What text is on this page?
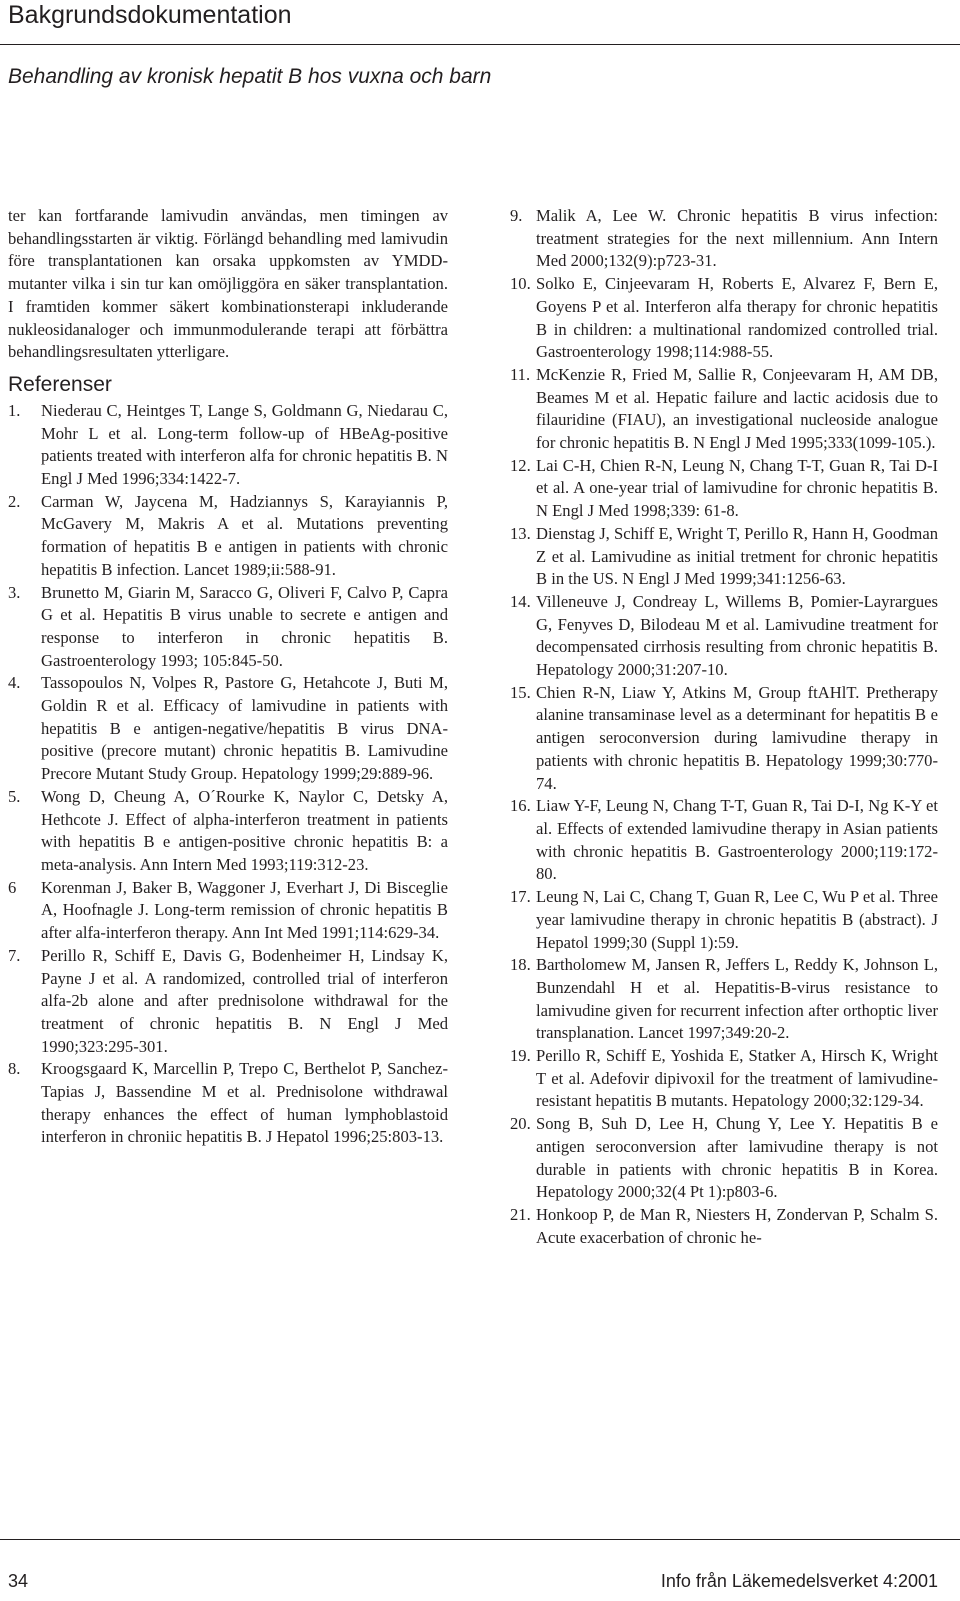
Bakgrundsdokumentation
Behandling av kronisk hepatit B hos vuxna och barn

ter kan fortfarande lamivudin användas, men timingen av behandlingsstarten är viktig. Förlängd behandling med lamivudin före transplantationen kan orsaka uppkomsten av YMDD-mutanter vilka i sin tur kan omöjliggöra en säker transplantation. I framtiden kommer säkert kombinationsterapi inkluderande nukleosidanaloger och immunmodulerande terapi att förbättra behandlingsresultaten ytterligare.

Referenser
1.	Niederau C, Heintges T, Lange S, Goldmann G, Niedarau C, Mohr L et al. Long-term follow-up of HBeAg-positive patients treated with interferon alfa for chronic hepatitis B. N Engl J Med 1996;334:1422-7.
2.	Carman W, Jaycena M, Hadziannys S, Karayiannis P, McGavery M, Makris A et al. Mutations preventing formation of hepatitis B e antigen in patients with chronic hepatitis B infection. Lancet 1989;ii:588-91.
3.	Brunetto M, Giarin M, Saracco G, Oliveri F, Calvo P, Capra G et al. Hepatitis B virus unable to secrete e antigen and response to interferon in chronic hepatitis B. Gastroenterology 1993; 105:845-50.
4.	Tassopoulos N, Volpes R, Pastore G, Hetahcote J, Buti M, Goldin R et al. Efficacy of lamivudine in patients with hepatitis B e antigen-negative/hepatitis B virus DNA-positive (precore mutant) chronic hepatitis B. Lamivudine Precore Mutant Study Group. Hepatology 1999;29:889-96.
5.	Wong D, Cheung A, O´Rourke K, Naylor C, Detsky A, Hethcote J. Effect of alpha-interferon treatment in patients with hepatitis B e antigen-positive chronic hepatitis B: a meta-analysis. Ann Intern Med 1993;119:312-23.
6	Korenman J, Baker B, Waggoner J, Everhart J, Di Bisceglie A, Hoofnagle J. Long-term remission of chronic hepatitis B after alfa-interferon therapy. Ann Int Med 1991;114:629-34.
7.	Perillo R, Schiff E, Davis G, Bodenheimer H, Lindsay K, Payne J et al. A randomized, controlled trial of interferon alfa-2b alone and after prednisolone withdrawal for the treatment of chronic hepatitis B. N Engl J Med 1990;323:295-301.
8.	Kroogsgaard K, Marcellin P, Trepo C, Berthelot P, Sanchez-Tapias J, Bassendine M et al. Prednisolone withdrawal therapy enhances the effect of human lymphoblastoid interferon in chroniic hepatitis B. J Hepatol 1996;25:803-13.
9. Malik A, Lee W. Chronic hepatitis B virus infection: treatment strategies for the next millennium. Ann Intern Med 2000;132(9):p723-31.
10. Solko E, Cinjeevaram H, Roberts E, Alvarez F, Bern E, Goyens P et al. Interferon alfa therapy for chronic hepatitis B in children: a multinational randomized controlled trial. Gastroenterology 1998;114:988-55.
11. McKenzie R, Fried M, Sallie R, Conjeevaram H, AM DB, Beames M et al. Hepatic failure and lactic acidosis due to filauridine (FIAU), an investigational nucleoside analogue for chronic hepatitis B. N Engl J Med 1995;333(1099-105.).
12. Lai C-H, Chien R-N, Leung N, Chang T-T, Guan R, Tai D-I et al. A one-year trial of lamivudine for chronic hepatitis B. N Engl J Med 1998;339: 61-8.
13. Dienstag J, Schiff E, Wright T, Perillo R, Hann H, Goodman Z et al. Lamivudine as initial tretment for chronic hepatitis B in the US. N Engl J Med 1999;341:1256-63.
14. Villeneuve J, Condreay L, Willems B, Pomier-Layrargues G, Fenyves D, Bilodeau M et al. Lamivudine treatment for decompensated cirrhosis resulting from chronic hepatitis B. Hepatology 2000;31:207-10.
15. Chien R-N, Liaw Y, Atkins M, Group ftAHlT. Pretherapy alanine transaminase level as a determinant for hepatitis B e antigen seroconversion during lamivudine therapy in patients with chronic hepatitis B. Hepatology 1999;30:770-74.
16. Liaw Y-F, Leung N, Chang T-T, Guan R, Tai D-I, Ng K-Y et al. Effects of extended lamivudine therapy in Asian patients with chronic hepatitis B. Gastroenterology 2000;119:172-80.
17. Leung N, Lai C, Chang T, Guan R, Lee C, Wu P et al. Three year lamivudine therapy in chronic hepatitis B (abstract). J Hepatol 1999;30 (Suppl 1):59.
18. Bartholomew M, Jansen R, Jeffers L, Reddy K, Johnson L, Bunzendahl H et al. Hepatitis-B-virus resistance to lamivudine given for recurrent infection after orthoptic liver transplanation. Lancet 1997;349:20-2.
19. Perillo R, Schiff E, Yoshida E, Statker A, Hirsch K, Wright T et al. Adefovir dipivoxil for the treatment of lamivudine-resistant hepatitis B mutants. Hepatology 2000;32:129-34.
20. Song B, Suh D, Lee H, Chung Y, Lee Y. Hepatitis B e antigen seroconversion after lamivudine therapy is not durable in patients with chronic hepatitis B in Korea. Hepatology 2000;32(4 Pt 1):p803-6.
21. Honkoop P, de Man R, Niesters H, Zondervan P, Schalm S. Acute exacerbation of chronic he-
34	Info från Läkemedelsverket 4:2001
